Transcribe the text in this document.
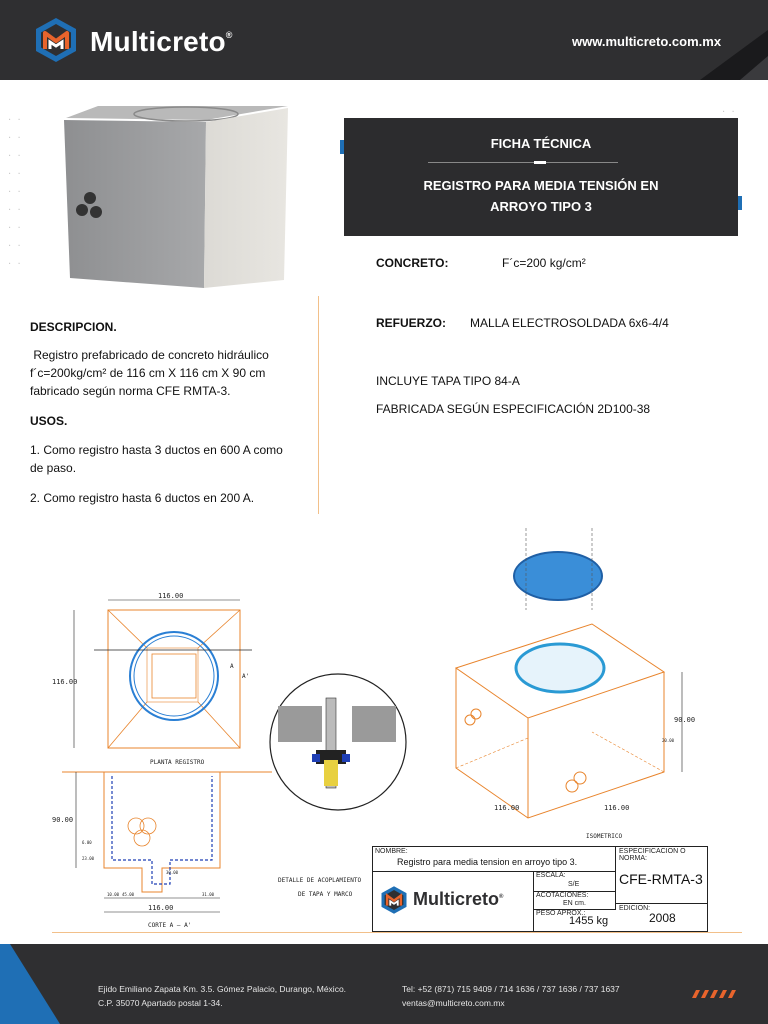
Multicreto®	www.multicreto.com.mx
·  ·
·  ·
·  ·
·  ·
·  ·
·  ·
·  ·
·  ·
·  ·
·  ·

FICHA TÉCNICA
REGISTRO PARA MEDIA TENSIÓN EN
ARROYO TIPO 3
CONCRETO:	F´c=200 kg/cm²
REFUERZO: MALLA ELECTROSOLDADA 6x6-4/4
INCLUYE TAPA TIPO 84-A
FABRICADA SEGÚN ESPECIFICACIÓN 2D100-38
DESCRIPCION.
Registro prefabricado de concreto hidráulico
f´c=200kg/cm² de 116 cm X 116 cm X 90 cm
fabricado según norma CFE RMTA-3.
USOS.
1. Como registro hasta 3 ductos en 600 A como
de paso.
2. Como registro hasta 6 ductos en 200 A.
A
A'
116.00
116.00
PLANTA REGISTRO
90.00
6.00
23.00
30.00
10.00 45.00	31.00
116.00
CORTE A – A'
DETALLE DE ACOPLAMIENTO
DE TAPA Y MARCO
90.00
20.00
116.00	116.00
ISOMETRICO
NOMBRE:
Registro para media tension en arroyo tipo 3.
ESPECIFICACION O NORMA:
CFE-RMTA-3
Multicreto®
ESCALA:
S/E
ACOTACIONES:
EN cm.
PESO APROX.:
1455 kg
EDICION:
2008
Ejido Emiliano Zapata Km. 3.5. Gómez Palacio, Durango, México.
C.P. 35070 Apartado postal 1-34.
Tel: +52 (871) 715 9409 / 714 1636 / 737 1636 / 737 1637
ventas@multicreto.com.mx
